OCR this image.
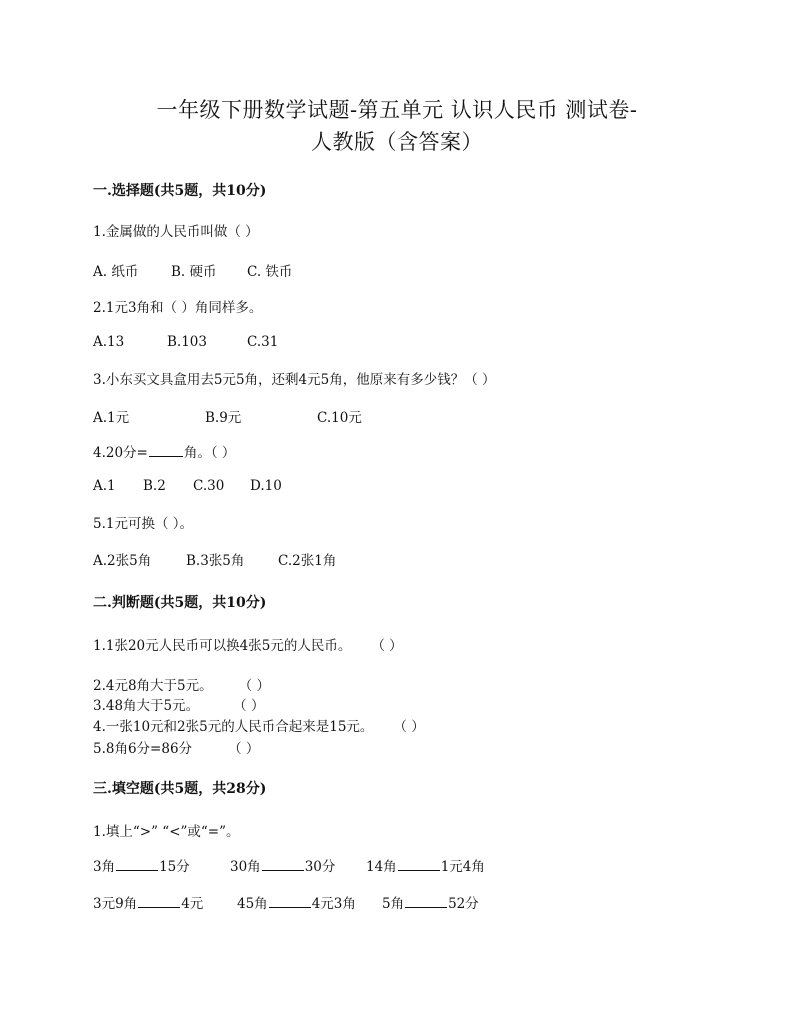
一年级下册数学试题-第五单元 认识人民币 测试卷-
人教版（含答案）
一.选择题(共5题，共10分)
1.金属做的人民币叫做（ ）
A. 纸币 B. 硬币 C. 铁币
2.1元3角和（ ）角同样多。
A.13	B.103	C.31
3.小东买文具盒用去5元5角，还剩4元5角，他原来有多少钱？（ ）
A.1元	B.9元	C.10元
4.20分=	角。（ ）
A.1 B.2 C.30 D.10
5.1元可换（ ）。
A.2张5角	B.3张5角 C.2张1角
二.判断题(共5题，共10分)
1.1张20元人民币可以换4张5元的人民币。 （ ）
2.4元8角大于5元。 （ ）
3.48角大于5元。	（ ）
4.一张10元和2张5元的人民币合起来是15元。 （ ）
5.8角6分=86分	（ ）
三.填空题(共5题，共28分)
1.填上“>” “<”或“=”。
3角	15分	30角	30分 14角	1元4角
3元9角	4元 45角	4元3角 5角	52分
